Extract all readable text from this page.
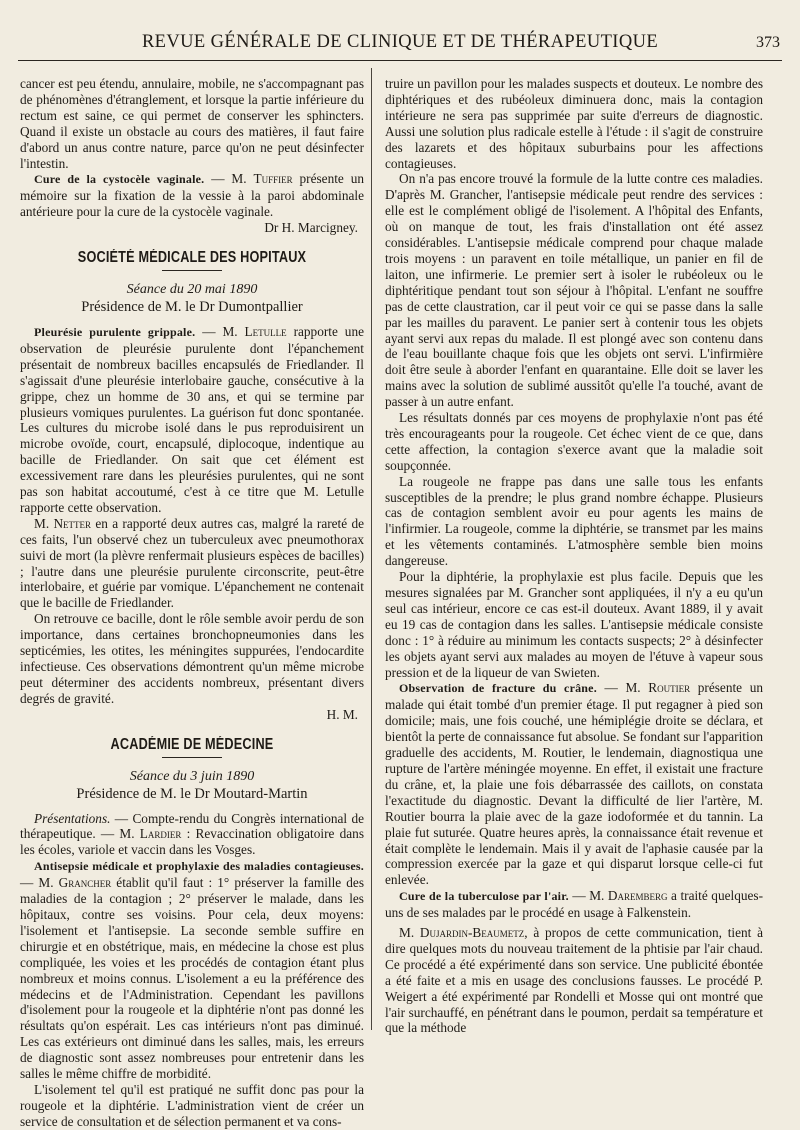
REVUE GÉNÉRALE DE CLINIQUE ET DE THÉRAPEUTIQUE	373

cancer est peu étendu, annulaire, mobile, ne s'accompagnant pas de phénomènes d'étranglement, et lorsque la partie inférieure du rectum est saine, ce qui permet de conserver les sphincters. Quand il existe un obstacle au cours des matières, il faut faire d'abord un anus contre nature, parce qu'on ne peut désinfecter l'intestin.

Cure de la cystocèle vaginale. — M. Tuffier présente un mémoire sur la fixation de la vessie à la paroi abdominale antérieure pour la cure de la cystocèle vaginale.

Dr H. Marcigney.

SOCIÉTÉ MÉDICALE DES HOPITAUX
Séance du 20 mai 1890
Présidence de M. le Dr Dumontpallier

Pleurésie purulente grippale. — M. Letulle rapporte une observation de pleurésie purulente dont l'épanchement présentait de nombreux bacilles encapsulés de Friedlander. Il s'agissait d'une pleurésie interlobaire gauche, consécutive à la grippe, chez un homme de 30 ans, et qui se termine par plusieurs vomiques purulentes. La guérison fut donc spontanée. Les cultures du microbe isolé dans le pus reproduisirent un microbe ovoïde, court, encapsulé, diplocoque, indentique au bacille de Friedlander. On sait que cet élément est excessivement rare dans les pleurésies purulentes, qui ne sont pas son habitat accoutumé, c'est à ce titre que M. Letulle rapporte cette observation.

M. Netter en a rapporté deux autres cas, malgré la rareté de ces faits, l'un observé chez un tuberculeux avec pneumothorax suivi de mort (la plèvre renfermait plusieurs espèces de bacilles) ; l'autre dans une pleurésie purulente circonscrite, peut-être interlobaire, et guérie par vomique. L'épanchement ne contenait que le bacille de Friedlander.

On retrouve ce bacille, dont le rôle semble avoir perdu de son importance, dans certaines bronchopneumonies dans les septicémies, les otites, les méningites suppurées, l'endocardite infectieuse. Ces observations démontrent qu'un même microbe peut déterminer des accidents nombreux, présentant divers degrés de gravité.

H. M.

ACADÉMIE DE MÉDECINE
Séance du 3 juin 1890
Présidence de M. le Dr Moutard-Martin

Présentations. — Compte-rendu du Congrès international de thérapeutique. — M. Lardier : Revaccination obligatoire dans les écoles, variole et vaccin dans les Vosges.

Antisepsie médicale et prophylaxie des maladies contagieuses. — M. Grancher établit qu'il faut : 1° préserver la famille des maladies de la contagion ; 2° préserver le malade, dans les hôpitaux, contre ses voisins. Pour cela, deux moyens: l'isolement et l'antisepsie. La seconde semble suffire en chirurgie et en obstétrique, mais, en médecine la chose est plus compliquée, les voies et les procédés de contagion étant plus nombreux et moins connus. L'isolement a eu la préférence des médecins et de l'Administration. Cependant les pavillons d'isolement pour la rougeole et la diphtérie n'ont pas donné les résultats qu'on espérait. Les cas intérieurs n'ont pas diminué. Les cas extérieurs ont diminué dans les salles, mais, les erreurs de diagnostic sont assez nombreuses pour entretenir dans les salles le même chiffre de morbidité.

L'isolement tel qu'il est pratiqué ne suffit donc pas pour la rougeole et la diphtérie. L'administration vient de créer un service de consultation et de sélection permanent et va cons-

truire un pavillon pour les malades suspects et douteux. Le nombre des diphtériques et des rubéoleux diminuera donc, mais la contagion intérieure ne sera pas supprimée par suite d'erreurs de diagnostic. Aussi une solution plus radicale estelle à l'étude : il s'agit de construire des lazarets et des hôpitaux suburbains pour les affections contagieuses.

On n'a pas encore trouvé la formule de la lutte contre ces maladies. D'après M. Grancher, l'antisepsie médicale peut rendre des services : elle est le complément obligé de l'isolement. A l'hôpital des Enfants, où on manque de tout, les frais d'installation ont été assez considérables. L'antisepsie médicale comprend pour chaque malade trois moyens : un paravent en toile métallique, un panier en fil de laiton, une infirmerie. Le premier sert à isoler le rubéoleux ou le diphtéritique pendant tout son séjour à l'hôpital. L'enfant ne souffre pas de cette claustration, car il peut voir ce qui se passe dans la salle par les mailles du paravent. Le panier sert à contenir tous les objets ayant servi aux repas du malade. Il est plongé avec son contenu dans de l'eau bouillante chaque fois que les objets ont servi. L'infirmière doit être seule à aborder l'enfant en quarantaine. Elle doit se laver les mains avec la solution de sublimé aussitôt qu'elle l'a touché, avant de passer à un autre enfant.

Les résultats donnés par ces moyens de prophylaxie n'ont pas été très encourageants pour la rougeole. Cet échec vient de ce que, dans cette affection, la contagion s'exerce avant que la maladie soit soupçonnée.

La rougeole ne frappe pas dans une salle tous les enfants susceptibles de la prendre; le plus grand nombre échappe. Plusieurs cas de contagion semblent avoir eu pour agents les mains de l'infirmier. La rougeole, comme la diphtérie, se transmet par les mains et les vêtements contaminés. L'atmosphère semble bien moins dangereuse.

Pour la diphtérie, la prophylaxie est plus facile. Depuis que les mesures signalées par M. Grancher sont appliquées, il n'y a eu qu'un seul cas intérieur, encore ce cas est-il douteux. Avant 1889, il y avait eu 19 cas de contagion dans les salles. L'antisepsie médicale consiste donc : 1° à réduire au minimum les contacts suspects; 2° à désinfecter les objets ayant servi aux malades au moyen de l'étuve à vapeur sous pression et de la liqueur de van Swieten.

Observation de fracture du crâne. — M. Routier présente un malade qui était tombé d'un premier étage. Il put regagner à pied son domicile; mais, une fois couché, une hémiplégie droite se déclara, et bientôt la perte de connaissance fut absolue. Se fondant sur l'apparition graduelle des accidents, M. Routier, le lendemain, diagnostiqua une rupture de l'artère méningée moyenne. En effet, il existait une fracture du crâne, et, la plaie une fois débarrassée des caillots, on constata l'exactitude du diagnostic. Devant la difficulté de lier l'artère, M. Routier bourra la plaie avec de la gaze iodoformée et du tannin. La plaie fut suturée. Quatre heures après, la connaissance était revenue et était complète le lendemain. Mais il y avait de l'aphasie causée par la compression exercée par la gaze et qui disparut lorsque celle-ci fut enlevée.

Cure de la tuberculose par l'air. — M. Daremberg a traité quelques-uns de ses malades par le procédé en usage à Falkenstein.

M. Dujardin-Beaumetz, à propos de cette communication, tient à dire quelques mots du nouveau traitement de la phtisie par l'air chaud. Ce procédé a été expérimenté dans son service. Une publicité ébontée a été faite et a mis en usage des conclusions fausses. Le procédé P. Weigert a été expérimenté par Rondelli et Mosse qui ont montré que l'air surchauffé, en pénétrant dans le poumon, perdait sa température et que la méthode
